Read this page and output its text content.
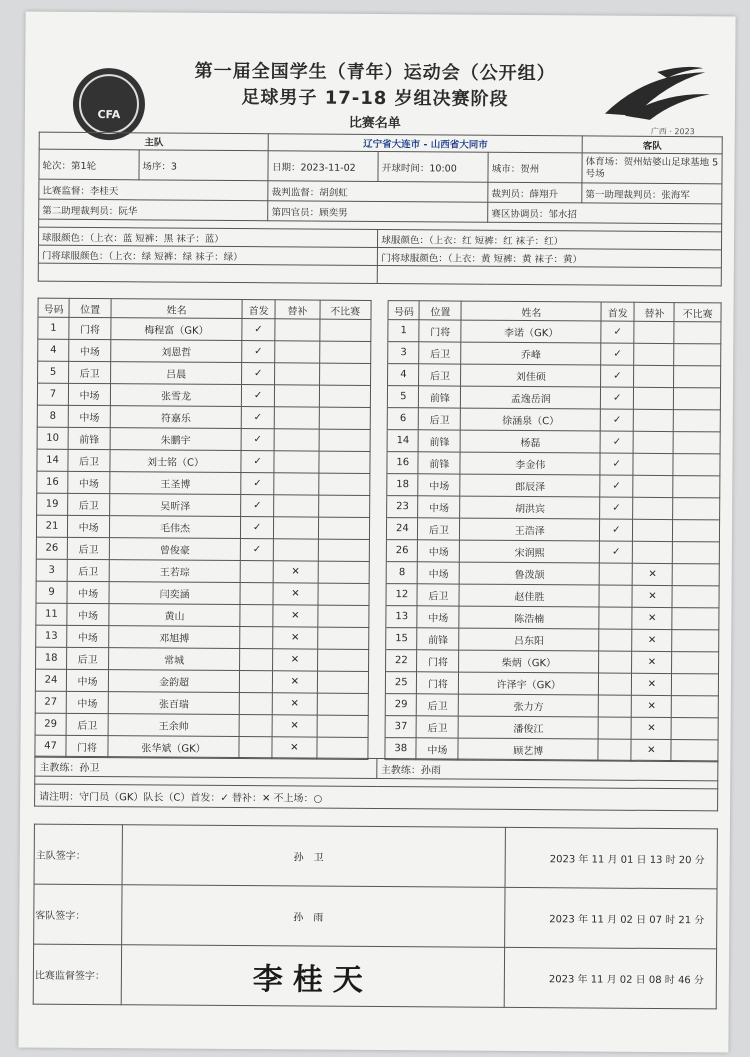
CFA
第一届全国学生（青年）运动会（公开组）
足球男子 17-18 岁组决赛阶段
比赛名单
广西 · 2023
主队		辽宁省大连市 - 山西省大同市			客队
轮次：第1轮	场序：3	日期：2023-11-02	开球时间：10:00	城市：贺州	体育场：贺州姑婆山足球基地 5 号场
比赛监督：李桂天		裁判监督：胡剑虹		裁判员：薛翔升	第一助理裁判员：张海军
第二助理裁判员：阮华		第四官员：顾奕男		赛区协调员：邹水招	

球服颜色：（上衣：蓝 短裤：黑 袜子：蓝）			球服颜色：（上衣：红 短裤：红 袜子：红）		
门将球服颜色：（上衣：绿 短裤：绿 袜子：绿）			门将球服颜色：（上衣：黄 短裤：黄 袜子：黄）		

号码	位置	姓名	首发	替补	不比赛		号码	位置	姓名	首发	替补	不比赛
1	门将	梅程富（GK）	✓				1	门将	李诺（GK）	✓		
4	中场	刘恩哲	✓				3	后卫	乔峰	✓		
5	后卫	吕晨	✓				4	后卫	刘佳硕	✓		
7	中场	张雪龙	✓				5	前锋	孟逸岳润	✓		
8	中场	符嘉乐	✓				6	后卫	徐涵泉（C）	✓		
10	前锋	朱鹏宇	✓				14	前锋	杨磊	✓		
14	后卫	刘士铭（C）	✓				16	前锋	李金伟	✓		
16	中场	王圣博	✓				18	中场	郎辰泽	✓		
19	后卫	吴昕泽	✓				23	中场	胡洪宾	✓		
21	中场	毛伟杰	✓				24	后卫	王浩泽	✓		
26	后卫	曾俊豪	✓				26	中场	宋润熙	✓		
3	后卫	王若琮		✕			8	中场	鲁泼颉		✕	
9	中场	闫奕涵		✕			12	后卫	赵佳胜		✕	
11	中场	黄山		✕			13	中场	陈浩楠		✕	
13	中场	邓旭搏		✕			15	前锋	吕东阳		✕	
18	后卫	常城		✕			22	门将	柴炳（GK）		✕	
24	中场	金韵超		✕			25	门将	许泽宇（GK）		✕	
27	中场	张百瑞		✕			29	后卫	张力方		✕	
29	后卫	王余帅		✕			37	后卫	潘俊江		✕	
47	门将	张华斌（GK）		✕			38	中场	顾艺博		✕	
主教练：孙卫	主教练：孙雨

请注明：守门员（GK）队长（C）首发：✓ 替补：✕ 不上场：○
主队签字：	孙卫	2023 年 11 月 01 日 13 时 20 分
客队签字：	孙雨	2023 年 11 月 02 日 07 时 21 分
比赛监督签字：	李桂天	2023 年 11 月 02 日 08 时 46 分
